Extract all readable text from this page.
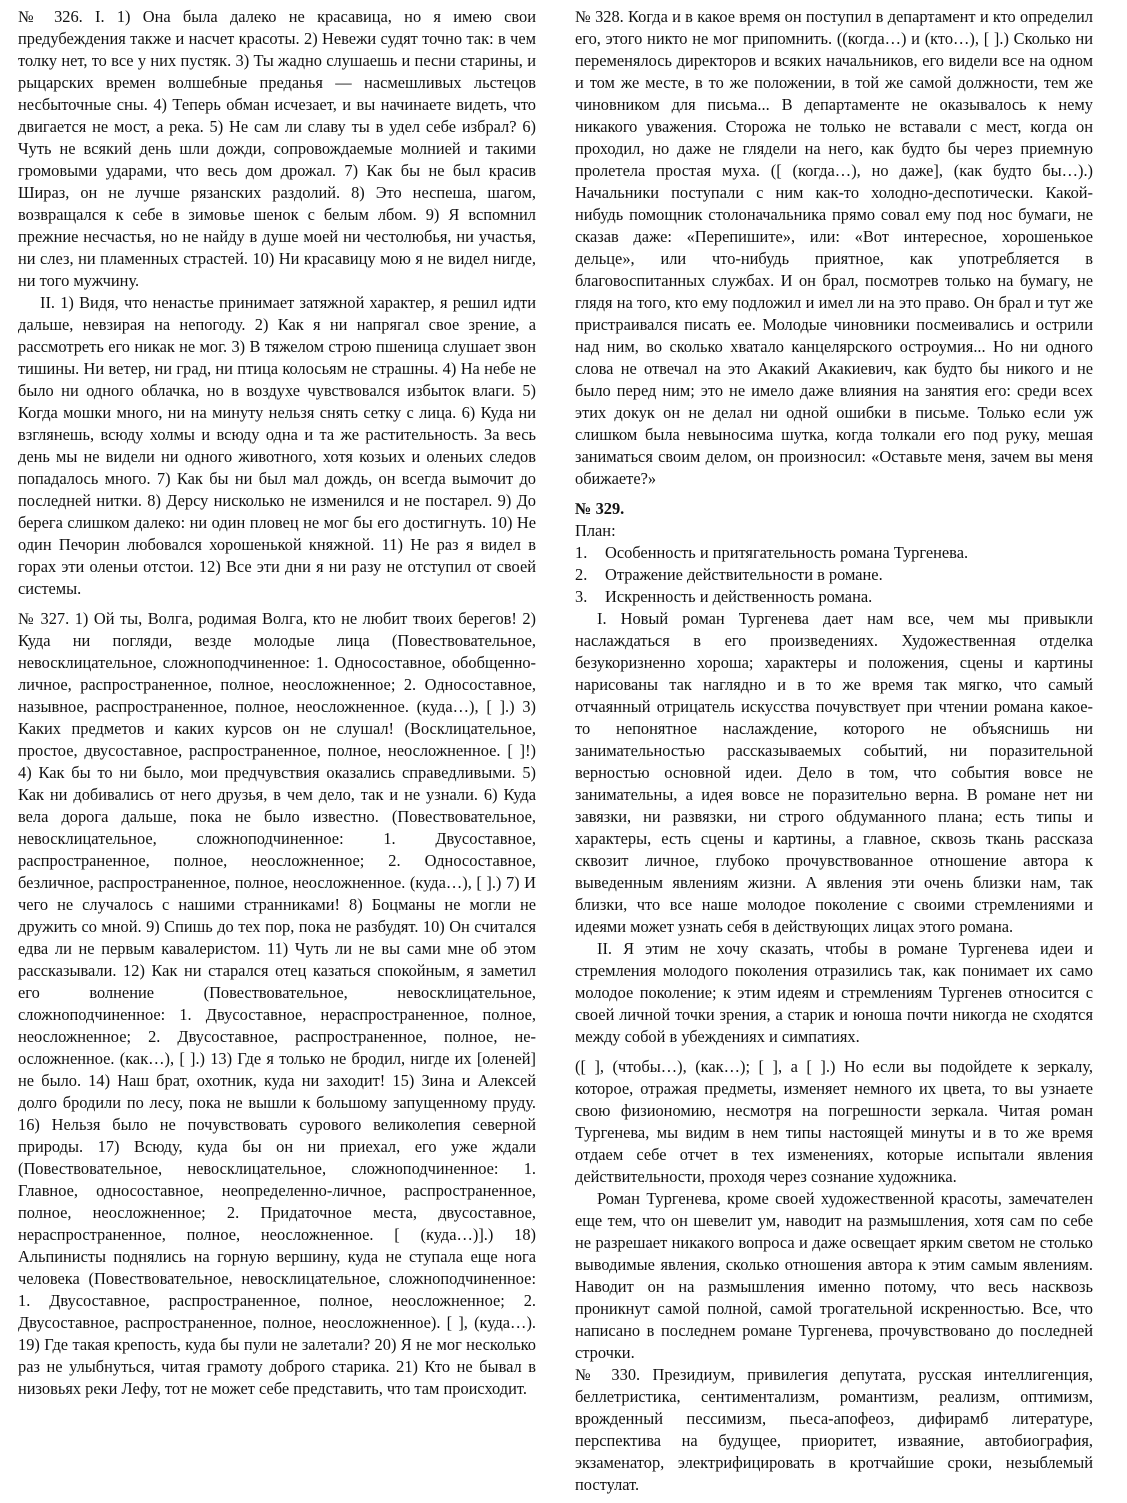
№ 326. I. 1) Она была далеко не красавица, но я имею свои предубеждения также и насчет красоты. 2) Невежи судят точно так: в чем толку нет, то все у них пустяк. 3) Ты жадно слушаешь и песни старины, и рыцарских времен волшебные преданья — насмешливых льстецов несбыточные сны. 4) Теперь обман исчезает, и вы начинаете видеть, что двигается не мост, а река. 5) Не сам ли славу ты в удел себе избрал? 6) Чуть не всякий день шли дожди, сопровождаемые молнией и такими громовыми ударами, что весь дом дрожал. 7) Как бы не был красив Шираз, он не лучше рязанских раздолий. 8) Это неспеша, шагом, возвращался к себе в зимовье шенок с белым лбом. 9) Я вспомнил прежние несчастья, но не найду в душе моей ни честолюбья, ни участья, ни слез, ни пламенных страстей. 10) Ни красавицу мою я не видел нигде, ни того мужчину.

II. 1) Видя, что ненастье принимает затяжной характер, я решил идти дальше, невзирая на непогоду. 2) Как я ни напрягал свое зрение, а рассмотреть его никак не мог. 3) В тяжелом строю пшеница слушает звон тишины. Ни ветер, ни град, ни птица колосьям не страшны. 4) На небе не было ни одного облачка, но в воздухе чувствовался избыток влаги. 5) Когда мошки много, ни на минуту нельзя снять сетку с лица. 6) Куда ни взглянешь, всюду холмы и всюду одна и та же растительность. За весь день мы не видели ни одного животного, хотя козьих и оленьих следов попадалось много. 7) Как бы ни был мал дождь, он всегда вымочит до последней нитки. 8) Дерсу нисколько не изменился и не постарел. 9) До берега слишком далеко: ни один пловец не мог бы его достигнуть. 10) Не один Печорин любовался хорошенькой княжной. 11) Не раз я видел в горах эти оленьи отстои. 12) Все эти дни я ни разу не отступил от своей системы.

№ 327. 1) Ой ты, Волга, родимая Волга, кто не любит твоих берегов! 2) Куда ни погляди, везде молодые лица (Повествовательное, невосклицательное, сложноподчиненное: 1. Односоставное, обобщенно-личное, распространенное, полное, неосложненное; 2. Односоставное, назывное, распространенное, полное, неосложненное. (куда…), [ ].) 3) Каких предметов и каких курсов он не слушал! (Восклицательное, простое, двусоставное, распространенное, полное, неосложненное. [ ]!) 4) Как бы то ни было, мои предчувствия оказались справедливыми. 5) Как ни добивались от него друзья, в чем дело, так и не узнали. 6) Куда вела дорога дальше, пока не было известно. (Повествовательное, невосклицательное, сложноподчиненное: 1. Двусоставное, распространенное, полное, неосложненное; 2. Односоставное, безличное, распространенное, полное, неосложненное. (куда…), [ ].) 7) И чего не случалось с нашими странниками! 8) Боцманы не могли не дружить со мной. 9) Спишь до тех пор, пока не разбудят. 10) Он считался едва ли не первым кавалеристом. 11) Чуть ли не вы сами мне об этом рассказывали. 12) Как ни старался отец казаться спокойным, я заметил его волнение (Повествовательное, невосклицательное, сложноподчиненное: 1. Двусоставное, нераспространенное, полное, неосложненное; 2. Двусоставное, распространенное, полное, не-осложненное. (как…), [ ].) 13) Где я только не бродил, нигде их [оленей] не было. 14) Наш брат, охотник, куда ни заходит! 15) Зина и Алексей долго бродили по лесу, пока не вышли к большому запущенному пруду. 16) Нельзя было не почувствовать сурового великолепия северной природы. 17) Всюду, куда бы он ни приехал, его уже ждали (Повествовательное, невосклицательное, сложноподчиненное: 1. Главное, односоставное, неопределенно-личное, распространенное, полное, неосложненное; 2. Придаточное места, двусоставное, нераспространенное, полное, неосложненное. [ (куда…)].) 18) Альпинисты поднялись на горную вершину, куда не ступала еще нога человека (Повествовательное, невосклицательное, сложноподчиненное: 1. Двусоставное, распространенное, полное, неосложненное; 2. Двусоставное, распространенное, полное, неосложненное). [ ], (куда…). 19) Где такая крепость, куда бы пули не залетали? 20) Я не мог несколько раз не улыбнуться, читая грамоту доброго старика. 21) Кто не бывал в низовьях реки Лефу, тот не может себе представить, что там происходит.

№ 328. Когда и в какое время он поступил в департамент и кто определил его, этого никто не мог припомнить. ((когда…) и (кто…), [ ].) Сколько ни переменялось директоров и всяких начальников, его видели все на одном и том же месте, в то же положении, в той же самой должности, тем же чиновником для письма... В департаменте не оказывалось к нему никакого уважения. Сторожа не только не вставали с мест, когда он проходил, но даже не глядели на него, как будто бы через приемную пролетела простая муха. ([ (когда…), но даже], (как будто бы…).) Начальники поступали с ним как-то холодно-деспотически. Какой-нибудь помощник столоначальника прямо совал ему под нос бумаги, не сказав даже: «Перепишите», или: «Вот интересное, хорошенькое дельце», или что-нибудь приятное, как употребляется в благовоспитанных службах. И он брал, посмотрев только на бумагу, не глядя на того, кто ему подложил и имел ли на это право. Он брал и тут же пристраивался писать ее. Молодые чиновники посмеивались и острили над ним, во сколько хватало канцелярского остроумия... Но ни одного слова не отвечал на это Акакий Акакиевич, как будто бы никого и не было перед ним; это не имело даже влияния на занятия его: среди всех этих докук он не делал ни одной ошибки в письме. Только если уж слишком была невыносима шутка, когда толкали его под руку, мешая заниматься своим делом, он произносил: «Оставьте меня, зачем вы меня обижаете?»

№ 329.

План:

1. Особенность и притягательность романа Тургенева.
2. Отражение действительности в романе.
3. Искренность и действенность романа.

I. Новый роман Тургенева дает нам все, чем мы привыкли наслаждаться в его произведениях. Художественная отделка безукоризненно хороша; характеры и положения, сцены и картины нарисованы так наглядно и в то же время так мягко, что самый отчаянный отрицатель искусства почувствует при чтении романа какое-то непонятное наслаждение, которого не объяснишь ни занимательностью рассказываемых событий, ни поразительной верностью основной идеи. Дело в том, что события вовсе не занимательны, а идея вовсе не поразительно верна. В романе нет ни завязки, ни развязки, ни строго обдуманного плана; есть типы и характеры, есть сцены и картины, а главное, сквозь ткань рассказа сквозит личное, глубоко прочувствованное отношение автора к выведенным явлениям жизни. А явления эти очень близки нам, так близки, что все наше молодое поколение с своими стремлениями и идеями может узнать себя в действующих лицах этого романа.

II. Я этим не хочу сказать, чтобы в романе Тургенева идеи и стремления молодого поколения отразились так, как понимает их само молодое поколение; к этим идеям и стремлениям Тургенев относится с своей личной точки зрения, а старик и юноша почти никогда не сходятся между собой в убеждениях и симпатиях.

([ ], (чтобы…), (как…); [ ], а [ ].) Но если вы подойдете к зеркалу, которое, отражая предметы, изменяет немного их цвета, то вы узнаете свою физиономию, несмотря на погрешности зеркала. Читая роман Тургенева, мы видим в нем типы настоящей минуты и в то же время отдаем себе отчет в тех изменениях, которые испытали явления действительности, проходя через сознание художника.

Роман Тургенева, кроме своей художественной красоты, замечателен еще тем, что он шевелит ум, наводит на размышления, хотя сам по себе не разрешает никакого вопроса и даже освещает ярким светом не столько выводимые явления, сколько отношения автора к этим самым явлениям. Наводит он на размышления именно потому, что весь насквозь проникнут самой полной, самой трогательной искренностью. Все, что написано в последнем романе Тургенева, прочувствовано до последней строчки.

№ 330. Президиум, привилегия депутата, русская интеллигенция, беллетристика, сентиментализм, романтизм, реализм, оптимизм, врожденный пессимизм, пьеса-апофеоз, дифирамб литературе, перспектива на будущее, приоритет, изваяние, автобиография, экзаменатор, электрифицировать в кротчайшие сроки, незыблемый постулат.
